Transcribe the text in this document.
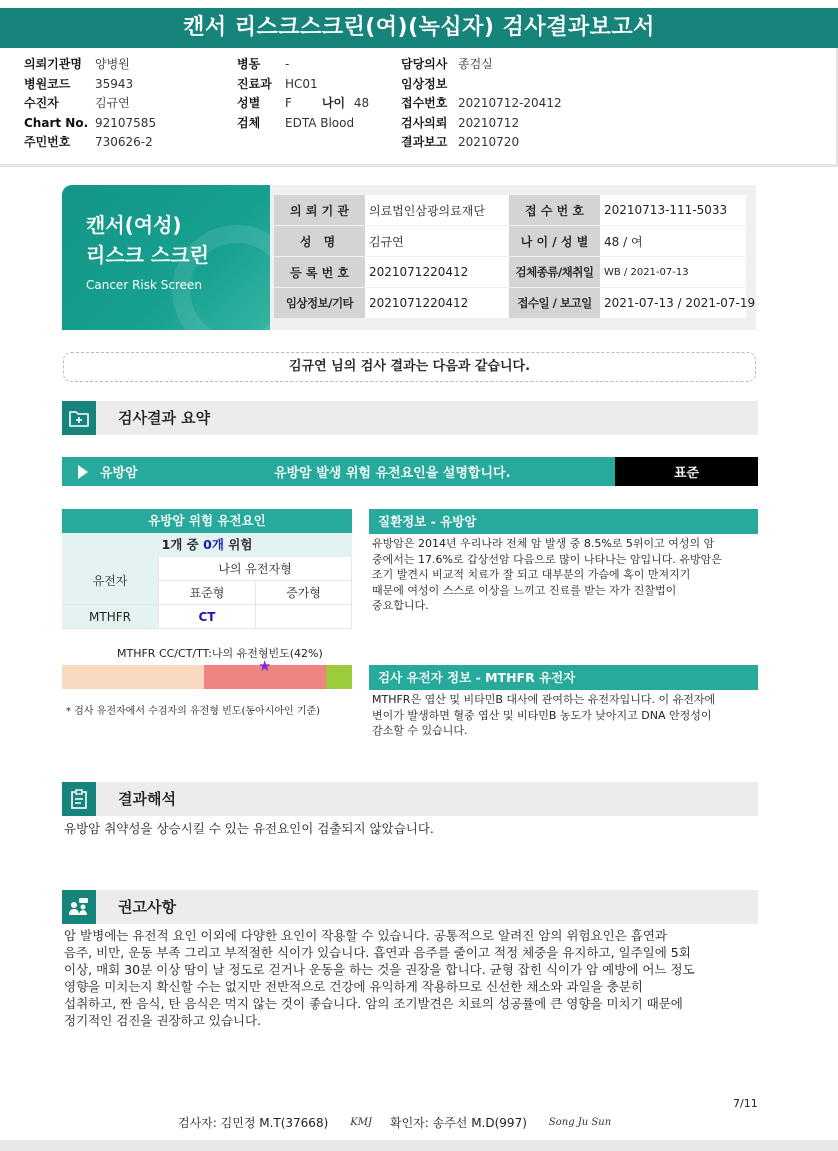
캔서 리스크스크린(여)(녹십자) 검사결과보고서
의뢰기관명	양병원
병원코드	35943
수진자	김규연
Chart No. 92107585
주민번호	730626-2
병동	-
진료과	HC01
성별	F	나이 48
검체	EDTA Blood
담당의사 종검실
임상정보
접수번호 20210712-20412
검사의뢰 20210712
결과보고 20210720
캔서(여성)
리스크 스크린
Cancer Risk Screen
의 뢰 기 관	의료법인삼광의료재단	접 수 번 호	20210713-111-5033
성 명	김규연	나 이 / 성 별	48 / 여
등 록 번 호	2021071220412	검체종류/채취일	WB / 2021-07-13
임상정보/기타	2021071220412	접수일 / 보고일	2021-07-13 / 2021-07-19
김규연 님의 검사 결과는 다음과 같습니다.
검사결과 요약
유방암	유방암 발생 위험 유전요인을 설명합니다.	표준
유방암 위험 유전요인
1개 중 0개 위험
유전자
나의 유전자형
표준형	증가형
MTHFR	CT
MTHFR CC/CT/TT:나의 유전형빈도(42%)
★
* 검사 유전자에서 수검자의 유전형 빈도(동아시아인 기준)
질환정보 - 유방암
유방암은 2014년 우리나라 전체 암 발생 중 8.5%로 5위이고 여성의 암
중에서는 17.6%로 갑상선암 다음으로 많이 나타나는 암입니다. 유방암은
조기 발견시 비교적 치료가 잘 되고 대부분의 가슴에 혹이 만져지기
때문에 여성이 스스로 이상을 느끼고 진료를 받는 자가 진찰법이
중요합니다.
검사 유전자 정보 - MTHFR 유전자
MTHFR은 엽산 및 비타민B 대사에 관여하는 유전자입니다. 이 유전자에
변이가 발생하면 혈중 엽산 및 비타민B 농도가 낮아지고 DNA 안정성이
감소할 수 있습니다.
결과해석
유방암 취약성을 상승시킬 수 있는 유전요인이 검출되지 않았습니다.
권고사항
암 발병에는 유전적 요인 이외에 다양한 요인이 작용할 수 있습니다. 공통적으로 알려진 암의 위험요인은 흡연과
음주, 비만, 운동 부족 그리고 부적절한 식이가 있습니다. 흡연과 음주를 줄이고 적정 체중을 유지하고, 일주일에 5회
이상, 매회 30분 이상 땀이 날 정도로 걷거나 운동을 하는 것을 권장을 합니다. 균형 잡힌 식이가 암 예방에 어느 정도
영향을 미치는지 확신할 수는 없지만 전반적으로 건강에 유익하게 작용하므로 신선한 채소와 과일을 충분히
섭취하고, 짠 음식, 탄 음식은 먹지 않는 것이 좋습니다. 암의 조기발견은 치료의 성공률에 큰 영향을 미치기 때문에
정기적인 검진을 권장하고 있습니다.
7/11
검사자: 김민정 M.T(37668) KMJ 확인자: 송주선 M.D(997) Song Ju Sun
